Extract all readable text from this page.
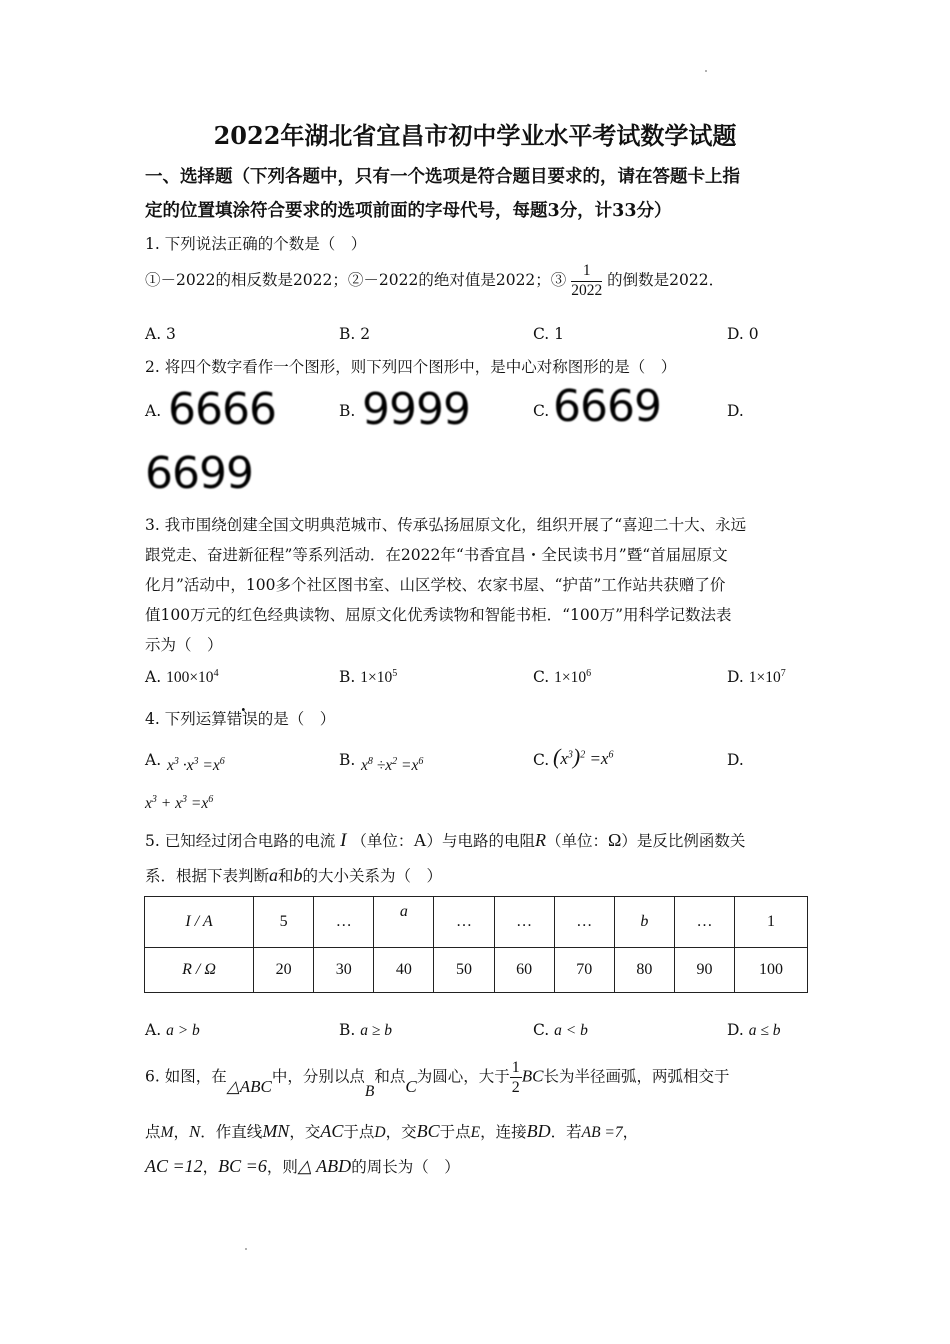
2022年湖北省宜昌市初中学业水平考试数学试题
一、选择题（下列各题中，只有一个选项是符合题目要求的，请在答题卡上指
定的位置填涂符合要求的选项前面的字母代号，每题3分，计33分）
1. 下列说法正确的个数是（　）
①－2022的相反数是2022；②－2022的绝对值是2022；③ $\frac{1}{2022}$ 的倒数是2022．
A. 3	B. 2	C. 1	D. 0
2. 将四个数字看作一个图形，则下列四个图形中，是中心对称图形的是（　）
A. 6666	B. 9999	C. 6669	D.
6699
3. 我市围绕创建全国文明典范城市、传承弘扬屈原文化，组织开展了“喜迎二十大、永远
跟党走、奋进新征程”等系列活动．在2022年“书香宜昌・全民读书月”暨“首届屈原文
化月”活动中，100多个社区图书室、山区学校、农家书屋、“护苗”工作站共获赠了价
值100万元的红色经典读物、屈原文化优秀读物和智能书柜．“100万”用科学记数法表
示为（　）
A. $100\times 10^4$	B. $1\times 10^5$	C. $1\times 10^6$	D. $1\times 10^7$
4. 下列运算错误的是（　）
A. $x^3 \cdot x^3 =x^6$	B. $x^8 \div x^2 =x^6$	C. $(x^3)^2 =x^6$	D.
$x^3 + x^3 =x^6$
5. 已知经过闭合电路的电流 I （单位：A）与电路的电阻R（单位：Ω）是反比例函数关
系．根据下表判断a和b的大小关系为（　）
I / A	5	…	a	…	…	…	b	…	1
R / Ω	20	30	40	50	60	70	80	90	100
A. a > b	B. a ≥ b	C. a < b	D. a ≤ b
6. 如图，在△ABC中，分别以点B和点C为圆心，大于 $\frac{1}{2}$ BC长为半径画弧，两弧相交于
点M，N．作直线MN，交AC于点D，交BC于点E，连接BD．若AB =7，
AC =12，BC =6，则△ ABD的周长为（　）
